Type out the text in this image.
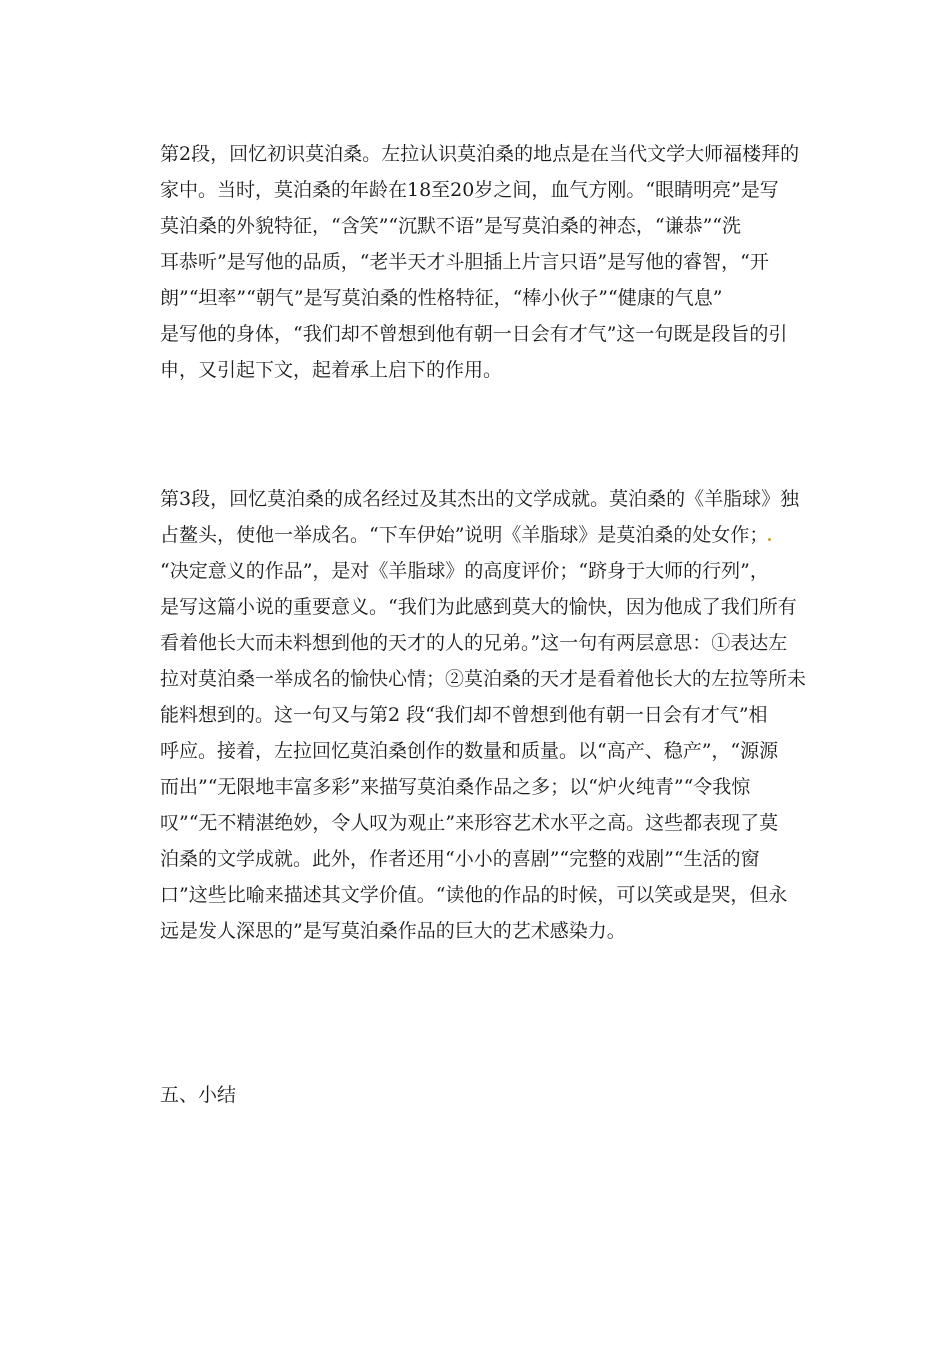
第2段，回忆初识莫泊桑。左拉认识莫泊桑的地点是在当代文学大师福楼拜的
家中。当时，莫泊桑的年龄在18至20岁之间，血气方刚。“眼睛明亮”是写
莫泊桑的外貌特征，“含笑”“沉默不语”是写莫泊桑的神态，“谦恭”“洗
耳恭听”是写他的品质，“老半天才斗胆插上片言只语”是写他的睿智，“开
朗”“坦率”“朝气”是写莫泊桑的性格特征，“棒小伙子”“健康的气息”
是写他的身体，“我们却不曾想到他有朝一日会有才气”这一句既是段旨的引
申，又引起下文，起着承上启下的作用。
第3段，回忆莫泊桑的成名经过及其杰出的文学成就。莫泊桑的《羊脂球》独
占鳌头，使他一举成名。“下车伊始”说明《羊脂球》是莫泊桑的处女作；
“决定意义的作品”，是对《羊脂球》的高度评价；“跻身于大师的行列”，
是写这篇小说的重要意义。“我们为此感到莫大的愉快，因为他成了我们所有
看着他长大而未料想到他的天才的人的兄弟。”这一句有两层意思：①表达左
拉对莫泊桑一举成名的愉快心情；②莫泊桑的天才是看着他长大的左拉等所未
能料想到的。这一句又与第2 段“我们却不曾想到他有朝一日会有才气”相
呼应。接着，左拉回忆莫泊桑创作的数量和质量。以“高产、稳产”，“源源
而出”“无限地丰富多彩”来描写莫泊桑作品之多；以“炉火纯青”“令我惊
叹”“无不精湛绝妙，令人叹为观止”来形容艺术水平之高。这些都表现了莫
泊桑的文学成就。此外，作者还用“小小的喜剧”“完整的戏剧”“生活的窗
口”这些比喻来描述其文学价值。“读他的作品的时候，可以笑或是哭，但永
远是发人深思的”是写莫泊桑作品的巨大的艺术感染力。
五、小结
